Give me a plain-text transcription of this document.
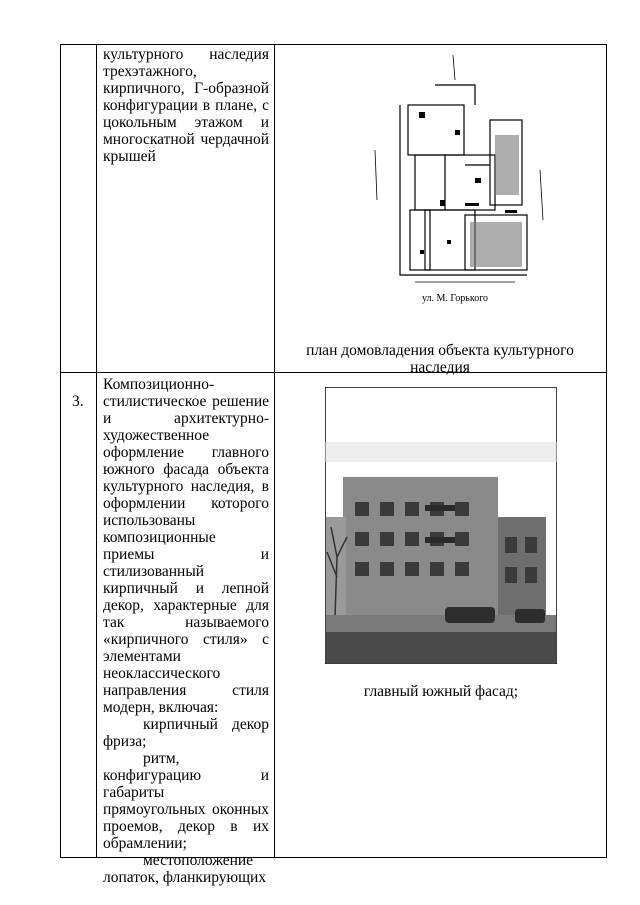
культурного наследия трехэтажного, кирпичного, Г-образной конфигурации в плане, с цокольным этажом и многоскатной чердачной крышей
ул. М. Горького
план домовладения объекта культурного наследия
3.

Композиционно-стилистическое решение и архитектурно-художественное оформление главного южного фасада объекта культурного наследия, в оформлении которого использованы композиционные приемы и стилизованный кирпичный и лепной декор, характерные для так называемого «кирпичного стиля» с элементами неоклассического направления стиля модерн, включая:

кирпичный декор фриза;

ритм, конфигурацию и габариты прямоугольных оконных проемов, декор в их обрамлении;

местоположение лопаток, фланкирующих

главный южный фасад;
